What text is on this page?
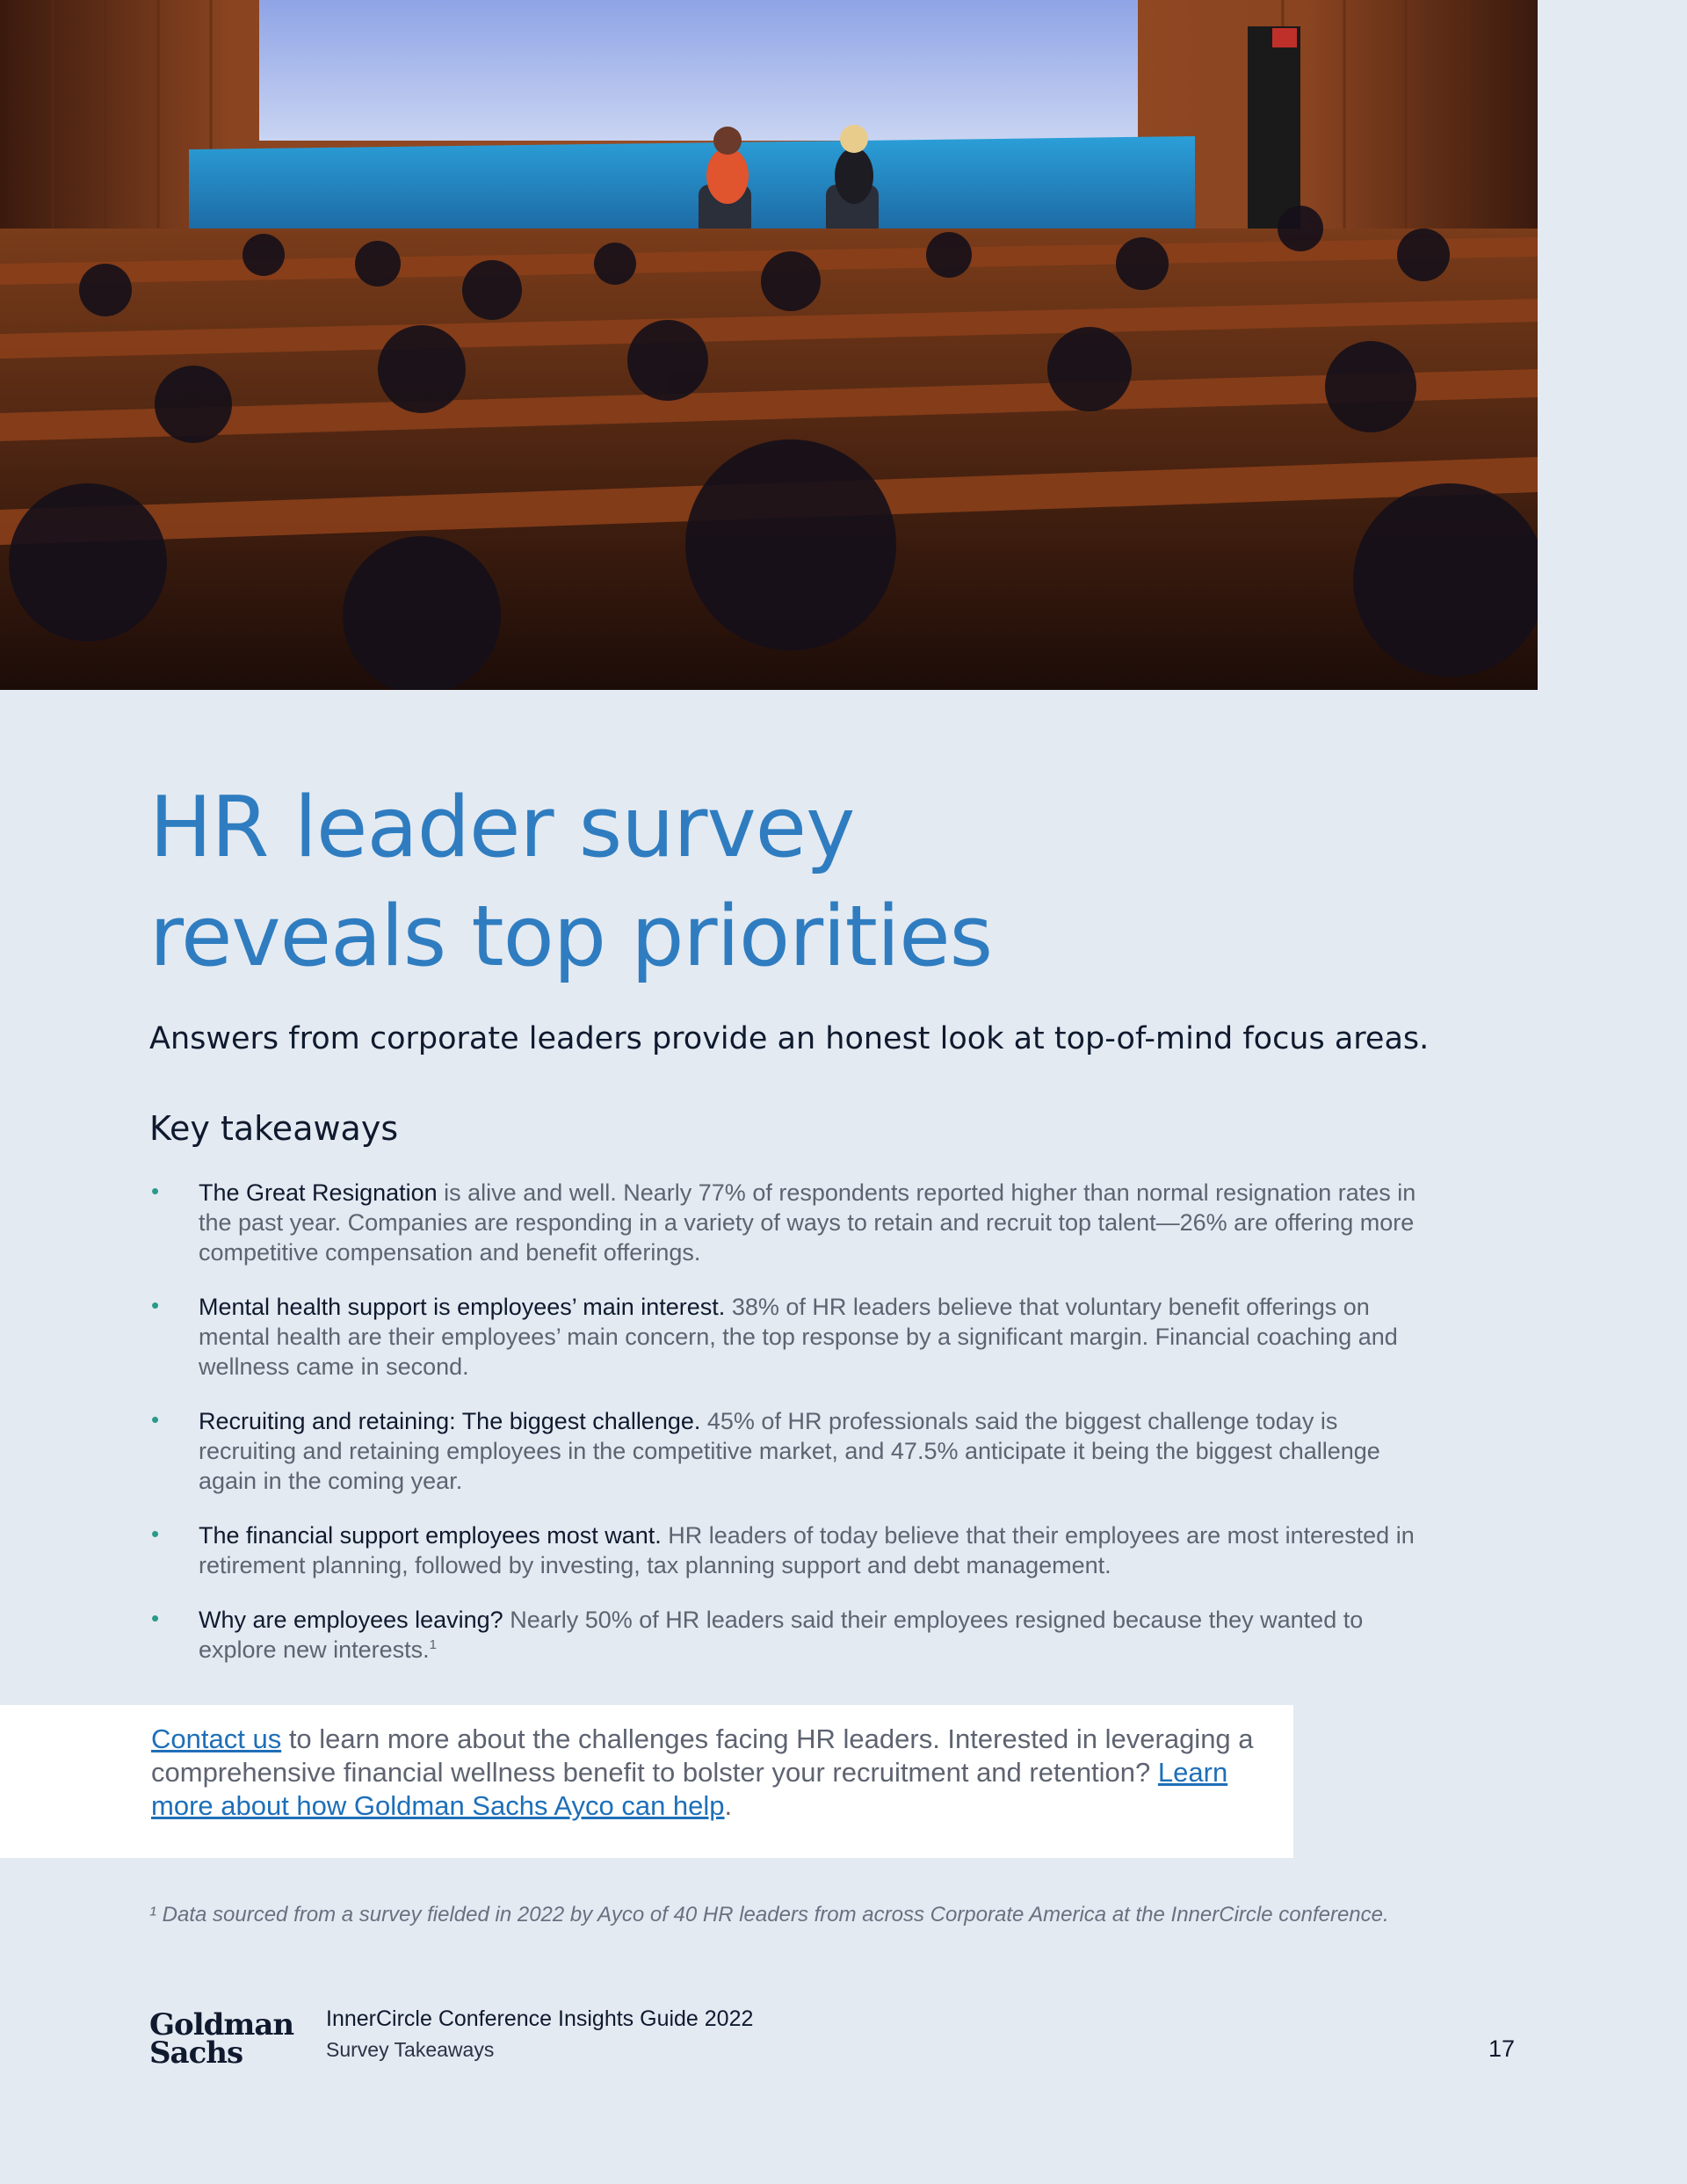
HR leader survey
reveals top priorities

Answers from corporate leaders provide an honest look at top-of-mind focus areas.

Key takeaways
• The Great Resignation is alive and well. Nearly 77% of respondents reported higher than normal resignation rates in the past year. Companies are responding in a variety of ways to retain and recruit top talent—26% are offering more competitive compensation and benefit offerings.
• Mental health support is employees’ main interest. 38% of HR leaders believe that voluntary benefit offerings on mental health are their employees’ main concern, the top response by a significant margin. Financial coaching and wellness came in second.
• Recruiting and retaining: The biggest challenge. 45% of HR professionals said the biggest challenge today is recruiting and retaining employees in the competitive market, and 47.5% anticipate it being the biggest challenge again in the coming year.
• The financial support employees most want. HR leaders of today believe that their employees are most interested in retirement planning, followed by investing, tax planning support and debt management.
• Why are employees leaving? Nearly 50% of HR leaders said their employees resigned because they wanted to explore new interests.$^1$

Contact us to learn more about the challenges facing HR leaders. Interested in leveraging a comprehensive financial wellness benefit to bolster your recruitment and retention? Learn more about how Goldman Sachs Ayco can help.

¹ Data sourced from a survey fielded in 2022 by Ayco of 40 HR leaders from across Corporate America at the InnerCircle conference.

Goldman
Sachs

InnerCircle Conference Insights Guide 2022

Survey Takeaways	17
